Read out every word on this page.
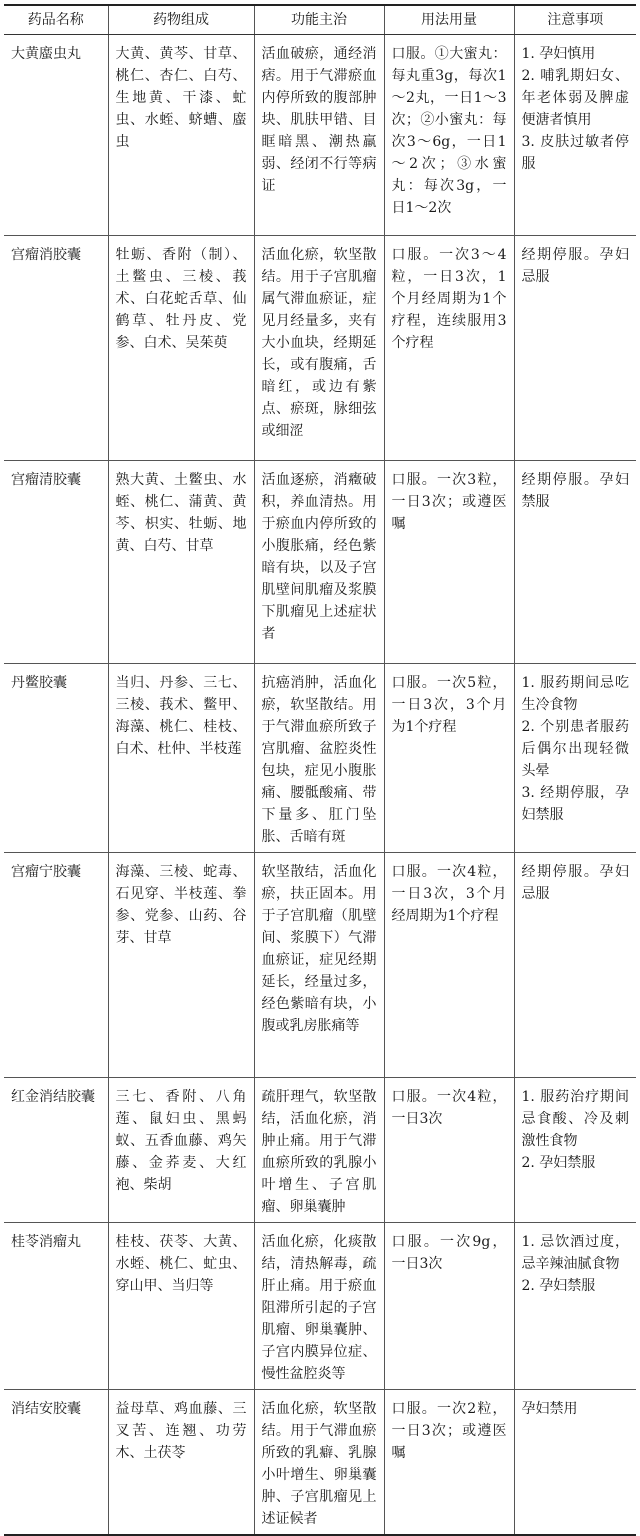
药品名称	药物组成	功能主治	用法用量	注意事项
大黄䗪虫丸	大黄、黄芩、甘草、桃仁、杏仁、白芍、生地黄、干漆、虻虫、水蛭、蛴螬、䗪虫	活血破瘀，通经消痞。用于气滞瘀血内停所致的腹部肿块、肌肤甲错、目眶暗黑、潮热羸弱、经闭不行等病证	口服。①大蜜丸：每丸重3g，每次1～2丸，一日1～3次；②小蜜丸：每次3～6g，一日1～2次；③水蜜丸：每次3g，一日1～2次	1. 孕妇慎用
2. 哺乳期妇女、年老体弱及脾虚便溏者慎用
3. 皮肤过敏者停服

宫瘤消胶囊	牡蛎、香附（制）、土鳖虫、三棱、莪术、白花蛇舌草、仙鹤草、牡丹皮、党参、白术、吴茱萸	活血化瘀，软坚散结。用于子宫肌瘤属气滞血瘀证，症见月经量多，夹有大小血块，经期延长，或有腹痛，舌暗红，或边有紫点、瘀斑，脉细弦或细涩	口服。一次3～4粒，一日3次，1个月经周期为1个疗程，连续服用3个疗程	经期停服。孕妇忌服

宫瘤清胶囊	熟大黄、土鳖虫、水蛭、桃仁、蒲黄、黄芩、枳实、牡蛎、地黄、白芍、甘草	活血逐瘀，消癥破积，养血清热。用于瘀血内停所致的小腹胀痛，经色紫暗有块，以及子宫肌壁间肌瘤及浆膜下肌瘤见上述症状者	口服。一次3粒，一日3次；或遵医嘱	经期停服。孕妇禁服

丹鳖胶囊	当归、丹参、三七、三棱、莪术、鳖甲、海藻、桃仁、桂枝、白术、杜仲、半枝莲	抗癌消肿，活血化瘀，软坚散结。用于气滞血瘀所致子宫肌瘤、盆腔炎性包块，症见小腹胀痛、腰骶酸痛、带下量多、肛门坠胀、舌暗有斑	口服。一次5粒，一日3次，3个月为1个疗程	1. 服药期间忌吃生冷食物
2. 个别患者服药后偶尔出现轻微头晕
3. 经期停服，孕妇禁服

宫瘤宁胶囊	海藻、三棱、蛇毒、石见穿、半枝莲、拳参、党参、山药、谷芽、甘草	软坚散结，活血化瘀，扶正固本。用于子宫肌瘤（肌壁间、浆膜下）气滞血瘀证，症见经期延长，经量过多，经色紫暗有块，小腹或乳房胀痛等	口服。一次4粒，一日3次，3个月经周期为1个疗程	经期停服。孕妇忌服

红金消结胶囊	三七、香附、八角莲、鼠妇虫、黑蚂蚁、五香血藤、鸡矢藤、金荞麦、大红袍、柴胡	疏肝理气，软坚散结，活血化瘀，消肿止痛。用于气滞血瘀所致的乳腺小叶增生、子宫肌瘤、卵巢囊肿	口服。一次4粒，一日3次	1. 服药治疗期间忌食酸、冷及刺激性食物
2. 孕妇禁服

桂苓消瘤丸	桂枝、茯苓、大黄、水蛭、桃仁、虻虫、穿山甲、当归等	活血化瘀，化痰散结，清热解毒，疏肝止痛。用于瘀血阻滞所引起的子宫肌瘤、卵巢囊肿、子宫内膜异位症、慢性盆腔炎等	口服。一次9g，一日3次	1. 忌饮酒过度，忌辛辣油腻食物
2. 孕妇禁服

消结安胶囊	益母草、鸡血藤、三叉苦、连翘、功劳木、土茯苓	活血化瘀，软坚散结。用于气滞血瘀所致的乳癖、乳腺小叶增生、卵巢囊肿、子宫肌瘤见上述证候者	口服。一次2粒，一日3次；或遵医嘱	孕妇禁用
